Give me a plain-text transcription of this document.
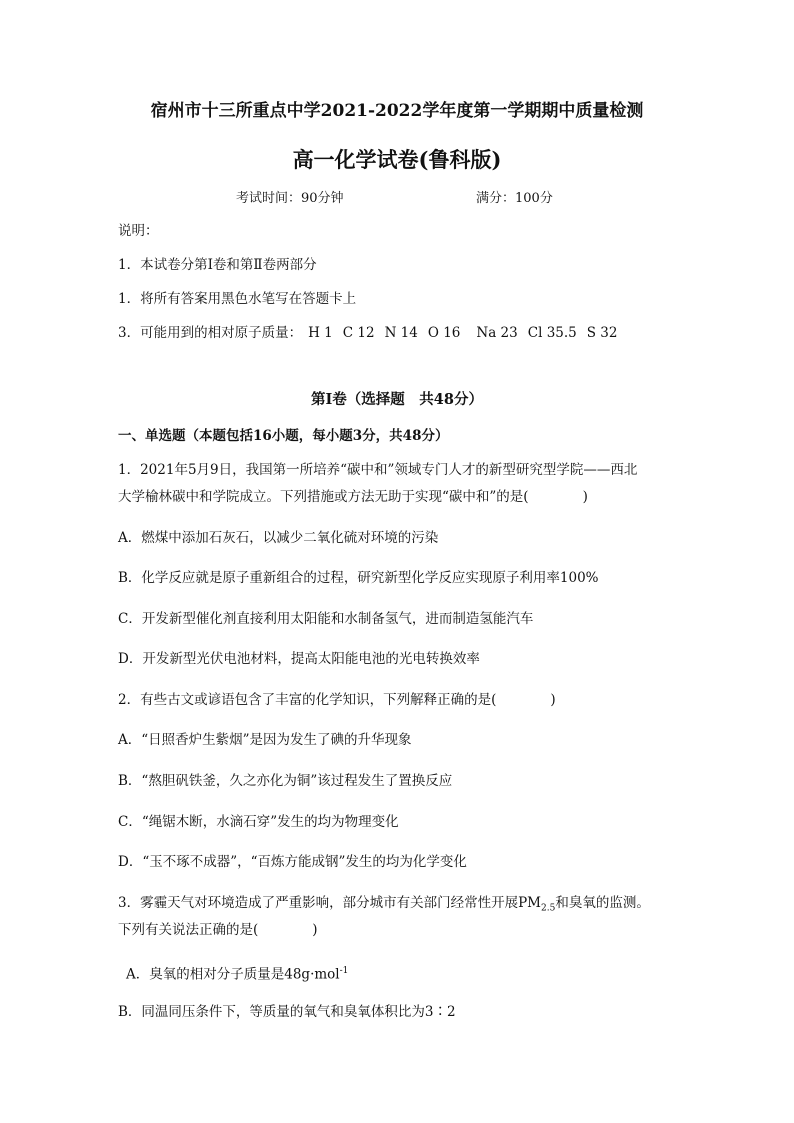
宿州市十三所重点中学2021-2022学年度第一学期期中质量检测
高一化学试卷(鲁科版)
考试时间：90分钟	满分：100分
说明：
1．本试卷分第Ⅰ卷和第Ⅱ卷两部分
1．将所有答案用黑色水笔写在答题卡上
3．可能用到的相对原子质量： H 1 C 12 N 14 O 16 Na 23 Cl 35.5 S 32
第Ⅰ卷（选择题　共48分）
一、单选题（本题包括16小题，每小题3分，共48分）
1．2021年5月9日，我国第一所培养“碳中和”领域专门人才的新型研究型学院——西北
大学榆林碳中和学院成立。下列措施或方法无助于实现“碳中和”的是(　　　　)
A．燃煤中添加石灰石，以减少二氧化硫对环境的污染
B．化学反应就是原子重新组合的过程，研究新型化学反应实现原子利用率100%
C．开发新型催化剂直接利用太阳能和水制备氢气，进而制造氢能汽车
D．开发新型光伏电池材料，提高太阳能电池的光电转换效率
2．有些古文或谚语包含了丰富的化学知识，下列解释正确的是(　　　　)
A．“日照香炉生紫烟”是因为发生了碘的升华现象
B．“熬胆矾铁釜，久之亦化为铜”该过程发生了置换反应
C．“绳锯木断，水滴石穿”发生的均为物理变化
D．“玉不琢不成器”，“百炼方能成钢”发生的均为化学变化
3．雾霾天气对环境造成了严重影响，部分城市有关部门经常性开展$PM_{2.5}$和臭氧的监测。
下列有关说法正确的是(　　　　)
A．臭氧的相对分子质量是48g·mol$^{-1}$
B．同温同压条件下，等质量的氧气和臭氧体积比为3∶2
